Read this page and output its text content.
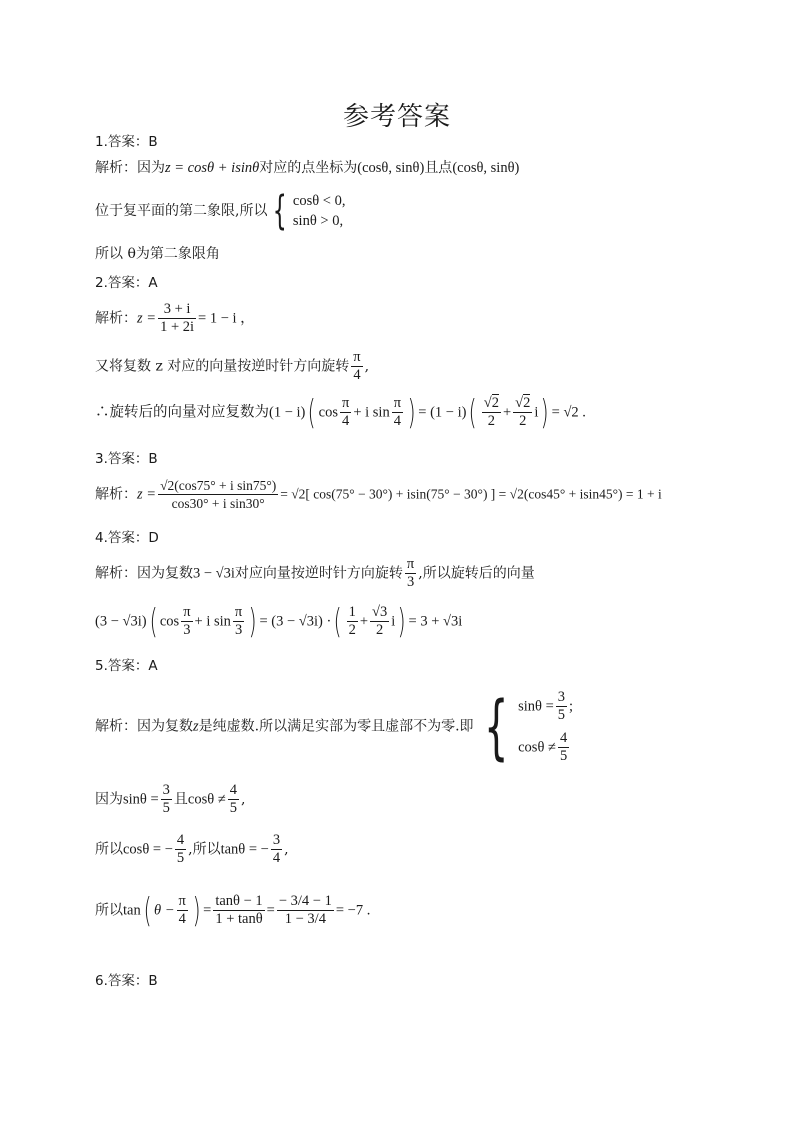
参考答案
1.答案：B
解析：因为z = cosθ + isinθ对应的点坐标为(cosθ, sinθ)且点(cosθ, sinθ)
位于复平面的第二象限,所以 { cosθ < 0,
sinθ > 0,
所以 θ为第二象限角
2.答案：A
解析：$z = \frac{3 + i}{1 + 2i} = 1 - i$ ，
又将复数 z 对应的向量按逆时针方向旋转 $\frac{\pi}{4}$ ,
∴旋转后的向量对应复数为(1 − i)( $\cos \frac{\pi}{4} + i$ $\sin \frac{\pi}{4}$ ) = $(1 - i)( \frac{√2}{2} + \frac{√2}{2} i) = √2$ .
3.答案：B
解析：$z = \frac{\text{√2(cos75° + i sin75°)}}{\text{cos30° + i sin30°}} = √2$[ cos(75° − 30°) + isin(75° − 30°) ] = √2(cos45° + isin45°) = 1 + i
4.答案：D
解析：因为复数3 − √3i对应向量按逆时针方向旋转 $\frac{\pi}{3}$ ,所以旋转后的向量
(3 − √3i)( $\cos \frac{\pi}{3} + i$ $\sin \frac{\pi}{3}$ ) = (3 − √3i) ·( $\frac{1}{2} + \frac{√3}{2} i) = 3 + √3i$
5.答案：A
解析：因为复数z是纯虚数.所以满足实部为零且虚部不为零.即 { $\sin\theta = \frac{3}{5}$ ;
$\cos\theta \ne \frac{4}{5}$
因为$\sin\theta = \frac{3}{5}$ 且$\cos\theta \ne \frac{4}{5}$ ,
所以cosθ = − $\frac{4}{5}$ ,所以tanθ = − $\frac{3}{4}$ ,
所以tan( $\theta - \frac{\pi}{4}$ ) = $\frac{\tan\theta - 1}{1 + \tan\theta} = \frac{- 3/4 - 1}{1 - 3/4} = -7$ .
6.答案：B
